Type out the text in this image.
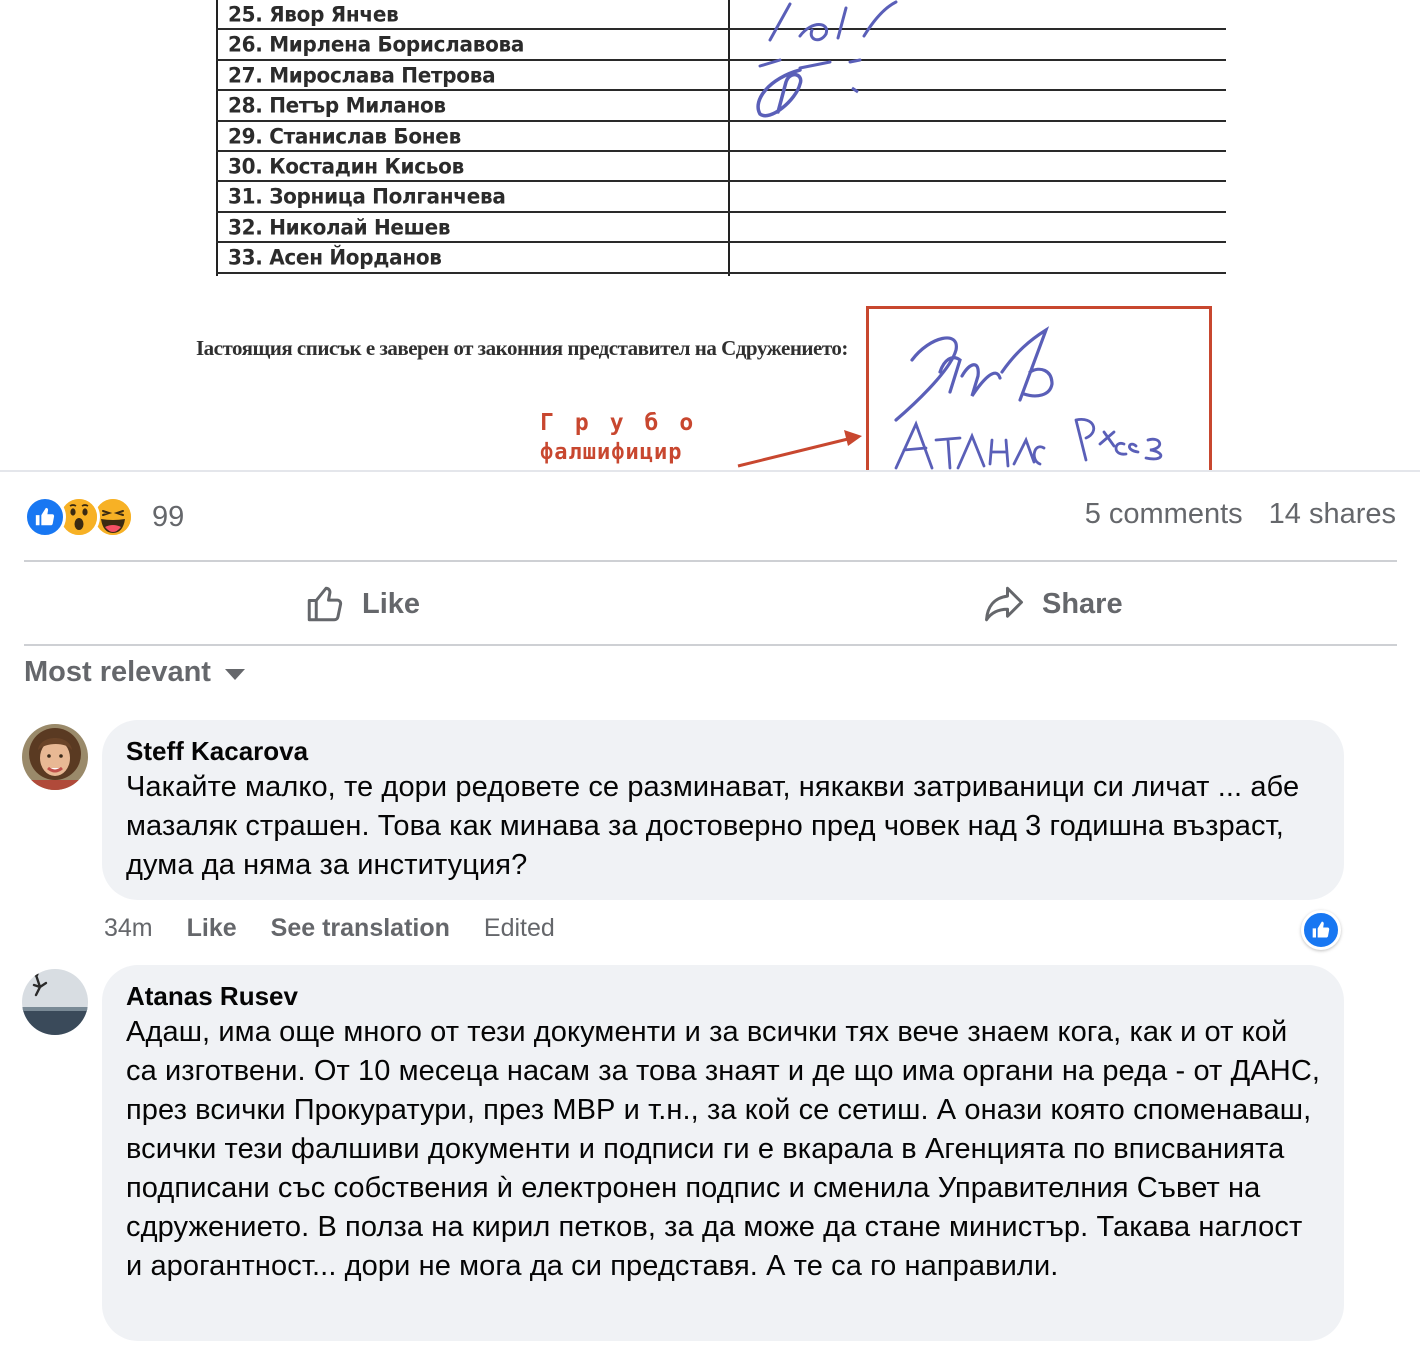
25. Явор Янчев
26. Мирлена Бориславова
27. Мирослава Петрова
28. Петър Миланов
29. Станислав Бонев
30. Костадин Кисьов
31. Зорница Полганчева
32. Николай Нешев
33. Асен Йорданов
Iастоящия списък е заверен от законния представител на Сдружението:
Грубо
фалшифицир
99	5 comments 14 shares
Like	Share
Most relevant
Steff Kacarova
Чакайте малко, те дори редовете се разминават, някакви затриваници си личат ... абе мазаляк страшен. Това как минава за достоверно пред човек над 3 годишна възраст, дума да няма за институция?
34m Like See translation Edited
Atanas Rusev
Адаш, има още много от тези документи и за всички тях вече знаем кога, как и от кой са изготвени. От 10 месеца насам за това знаят и де що има органи на реда - от ДАНС, през всички Прокуратури, през МВР и т.н., за кой се сетиш. А онази която споменаваш, всички тези фалшиви документи и подписи ги е вкарала в Агенцията по вписванията подписани със собствения ѝ електронен подпис и сменила Управителния Съвет на сдружението. В полза на кирил петков, за да може да стане министър. Такава наглост и арогантност... дори не мога да си представя. А те са го направили.
